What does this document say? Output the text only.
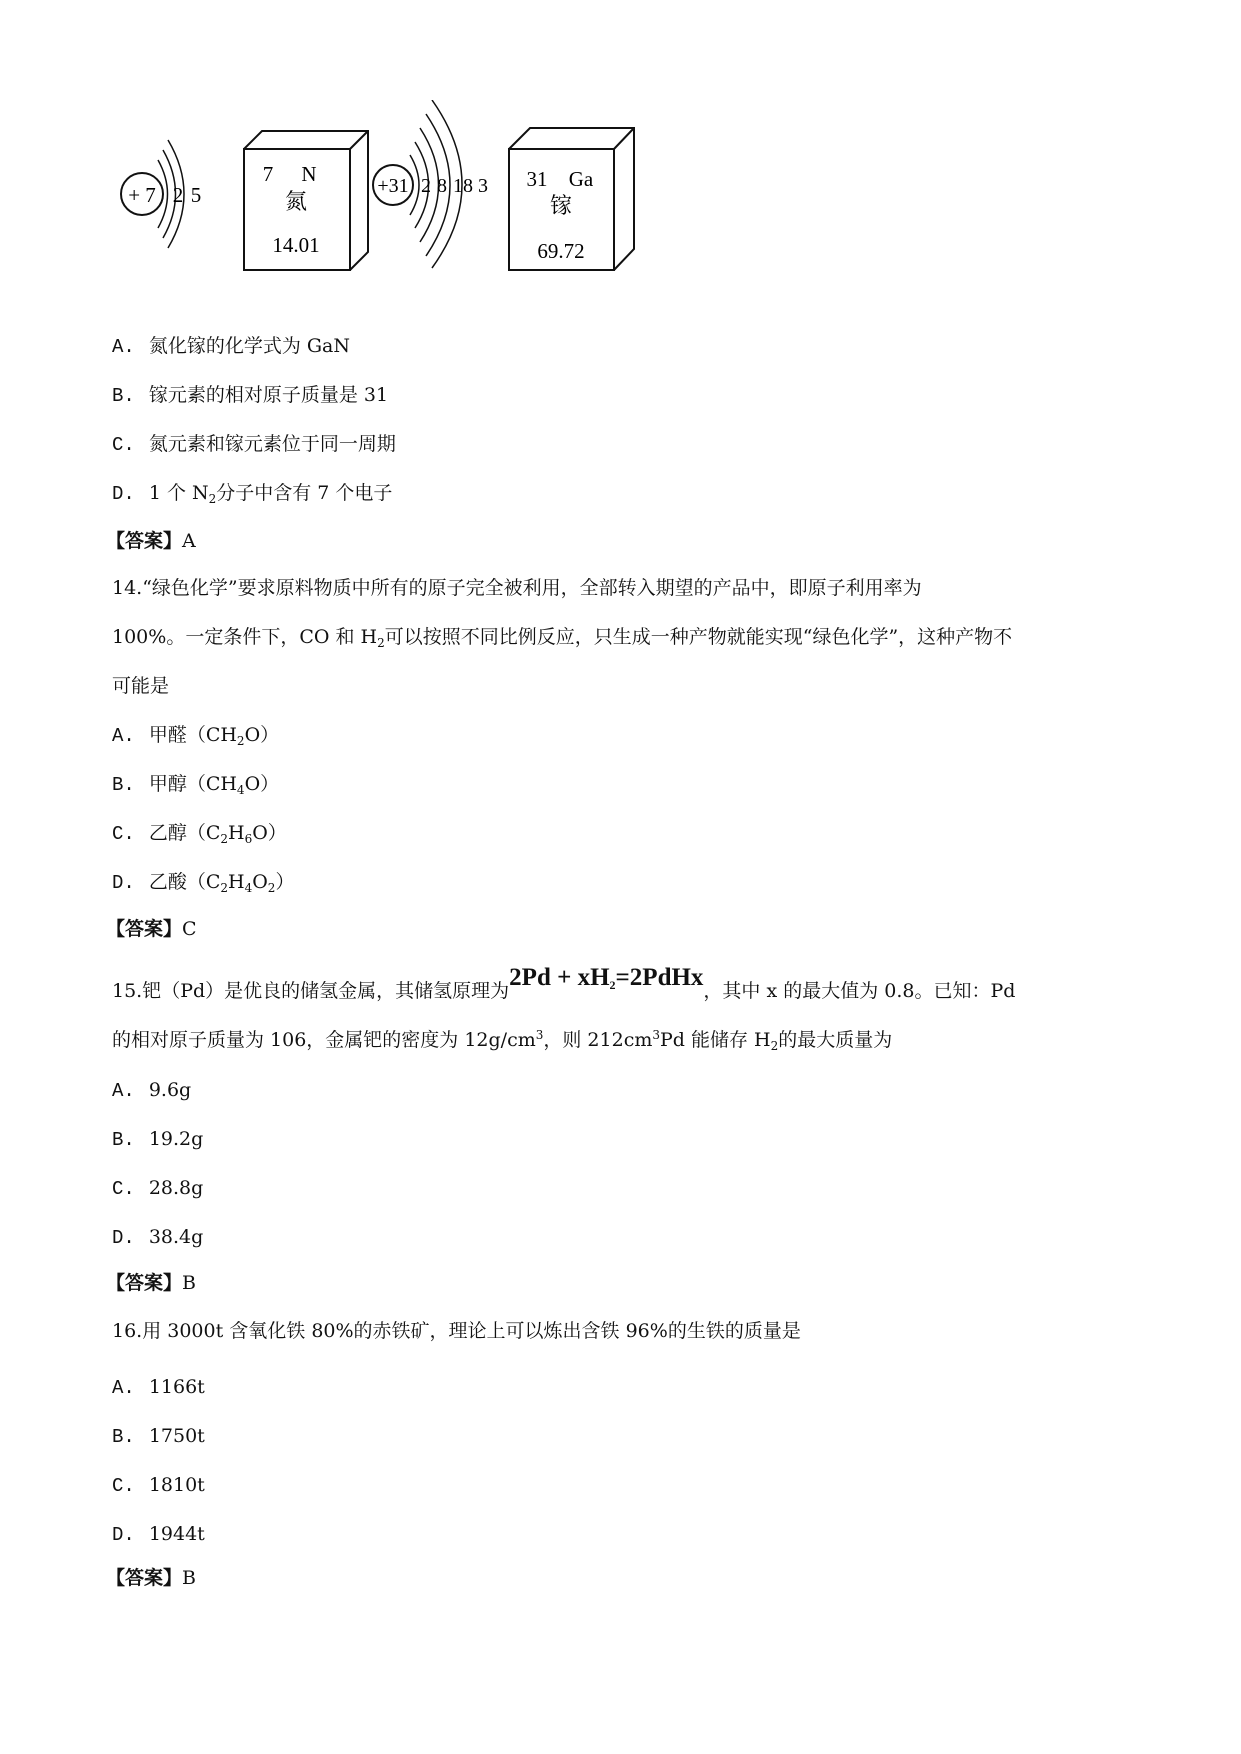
+ 7 2 5
7 N
氮
14.01
+31 2 8 18 3 31 Ga
镓
69.72
A. 氮化镓的化学式为 GaN
B. 镓元素的相对原子质量是 31
C. 氮元素和镓元素位于同一周期
D. 1 个 $N_2$分子中含有 7 个电子
【答案】A
14.“绿色化学”要求原料物质中所有的原子完全被利用，全部转入期望的产品中，即原子利用率为
100%。一定条件下，CO 和 $H_2$可以按照不同比例反应，只生成一种产物就能实现“绿色化学”，这种产物不
可能是
A. 甲醛$(CH_2O)$
B. 甲醇$(CH_4O)$
C. 乙醇$(C_2H_6O)$
D. 乙酸$(C_2H_4O_2)$
【答案】C
15.钯（Pd）是优良的储氢金属，其储氢原理为$2Pd + xH_2=2PdHx$，其中 x 的最大值为 0.8。已知：Pd
的相对原子质量为 106，金属钯的密度为 $12g/cm^3$，则 $212cm^3Pd$ 能储存 $H_2$的最大质量为
A. 9.6g
B. 19.2g
C. 28.8g
D. 38.4g
【答案】B
16.用 3000t 含氧化铁 80%的赤铁矿，理论上可以炼出含铁 96%的生铁的质量是
A. 1166t
B. 1750t
C. 1810t
D. 1944t
【答案】B
